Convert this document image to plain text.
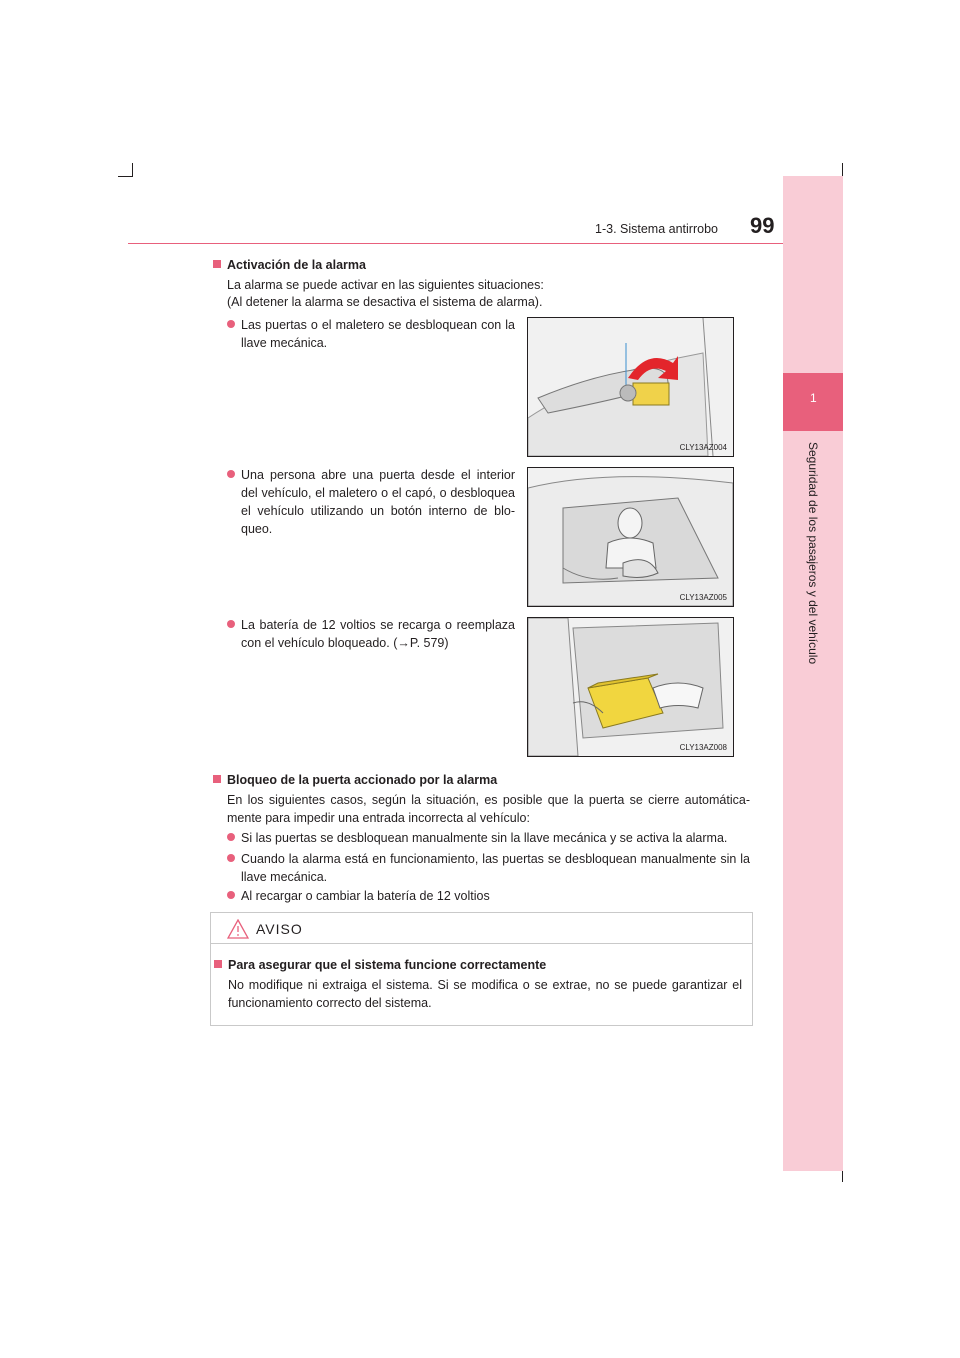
1
Seguridad de los pasajeros y del vehículo
1-3. Sistema antirrobo 99
Activación de la alarma
La alarma se puede activar en las siguientes situaciones:
(Al detener la alarma se desactiva el sistema de alarma).
Las puertas o el maletero se desbloquean con la llave mecánica.
Una persona abre una puerta desde el interior del vehículo, el maletero o el capó, o desbloquea el vehículo utilizando un botón interno de blo-queo.
La batería de 12 voltios se recarga o reemplaza con el vehículo bloqueado. (→P. 579)
CLY13AZ004
CLY13AZ005
CLY13AZ008
Bloqueo de la puerta accionado por la alarma
En los siguientes casos, según la situación, es posible que la puerta se cierre automática-mente para impedir una entrada incorrecta al vehículo:
Si las puertas se desbloquean manualmente sin la llave mecánica y se activa la alarma.
Cuando la alarma está en funcionamiento, las puertas se desbloquean manualmente sin la llave mecánica.
Al recargar o cambiar la batería de 12 voltios
AVISO
Para asegurar que el sistema funcione correctamente
No modifique ni extraiga el sistema. Si se modifica o se extrae, no se puede garantizar el funcionamiento correcto del sistema.
